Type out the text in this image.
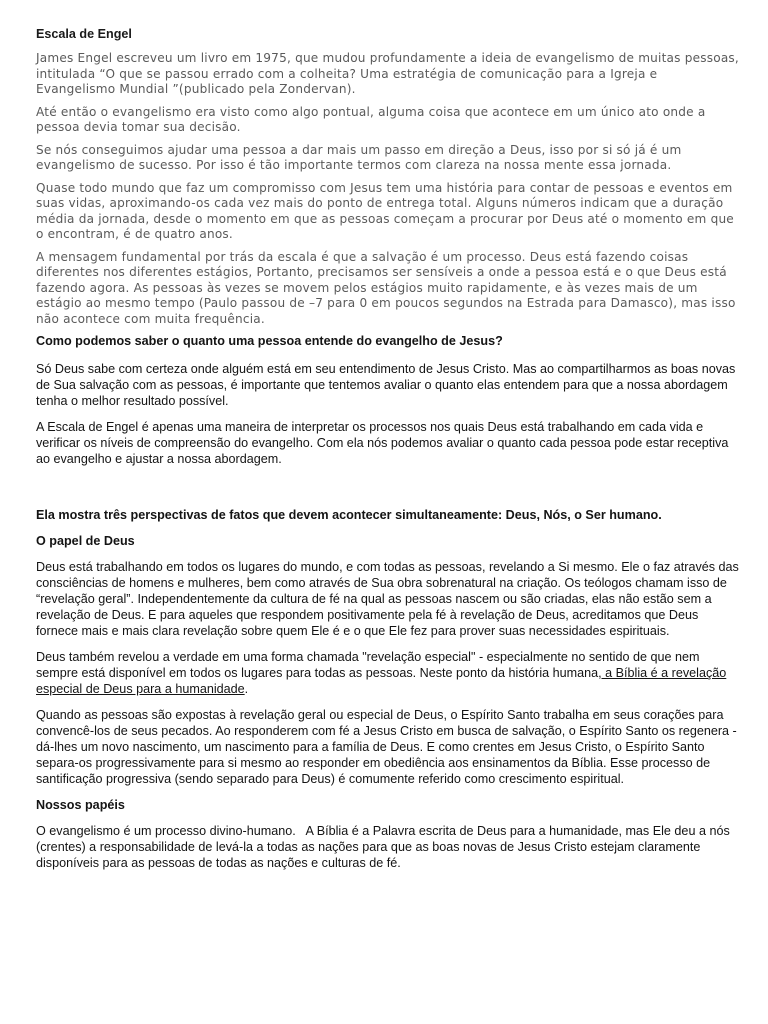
Escala de Engel

James Engel escreveu um livro em 1975, que mudou profundamente a ideia de evangelismo de muitas pessoas, intitulada “O que se passou errado com a colheita? Uma estratégia de comunicação para a Igreja e Evangelismo Mundial ”(publicado pela Zondervan).

Até então o evangelismo era visto como algo pontual, alguma coisa que acontece em um único ato onde a pessoa devia tomar sua decisão.

Se nós conseguimos ajudar uma pessoa a dar mais um passo em direção a Deus, isso por si só já é um evangelismo de sucesso. Por isso é tão importante termos com clareza na nossa mente essa jornada.

Quase todo mundo que faz um compromisso com Jesus tem uma história para contar de pessoas e eventos em suas vidas, aproximando-os cada vez mais do ponto de entrega total. Alguns números indicam que a duração média da jornada, desde o momento em que as pessoas começam a procurar por Deus até o momento em que o encontram, é de quatro anos.

A mensagem fundamental por trás da escala é que a salvação é um processo. Deus está fazendo coisas diferentes nos diferentes estágios, Portanto, precisamos ser sensíveis a onde a pessoa está e o que Deus está fazendo agora. As pessoas às vezes se movem pelos estágios muito rapidamente, e às vezes mais de um estágio ao mesmo tempo (Paulo passou de –7 para 0 em poucos segundos na Estrada para Damasco), mas isso não acontece com muita frequência.

Como podemos saber o quanto uma pessoa entende do evangelho de Jesus?

Só Deus sabe com certeza onde alguém está em seu entendimento de Jesus Cristo. Mas ao compartilharmos as boas novas de Sua salvação com as pessoas, é importante que tentemos avaliar o quanto elas entendem para que a nossa abordagem tenha o melhor resultado possível.

A Escala de Engel é apenas uma maneira de interpretar os processos nos quais Deus está trabalhando em cada vida e verificar os níveis de compreensão do evangelho. Com ela nós podemos avaliar o quanto cada pessoa pode estar receptiva ao evangelho e ajustar a nossa abordagem.

Ela mostra três perspectivas de fatos que devem acontecer simultaneamente: Deus, Nós, o Ser humano.
O papel de Deus

Deus está trabalhando em todos os lugares do mundo, e com todas as pessoas, revelando a Si mesmo. Ele o faz através das consciências de homens e mulheres, bem como através de Sua obra sobrenatural na criação. Os teólogos chamam isso de “revelação geral”. Independentemente da cultura de fé na qual as pessoas nascem ou são criadas, elas não estão sem a revelação de Deus. E para aqueles que respondem positivamente pela fé à revelação de Deus, acreditamos que Deus fornece mais e mais clara revelação sobre quem Ele é e o que Ele fez para prover suas necessidades espirituais.

Deus também revelou a verdade em uma forma chamada "revelação especial" - especialmente no sentido de que nem sempre está disponível em todos os lugares para todas as pessoas. Neste ponto da história humana, a Bíblia é a revelação especial de Deus para a humanidade.

Quando as pessoas são expostas à revelação geral ou especial de Deus, o Espírito Santo trabalha em seus corações para convencê-los de seus pecados. Ao responderem com fé a Jesus Cristo em busca de salvação, o Espírito Santo os regenera - dá-lhes um novo nascimento, um nascimento para a família de Deus. E como crentes em Jesus Cristo, o Espírito Santo separa-os progressivamente para si mesmo ao responder em obediência aos ensinamentos da Bíblia. Esse processo de santificação progressiva (sendo separado para Deus) é comumente referido como crescimento espiritual.

Nossos papéis

O evangelismo é um processo divino-humano.   A Bíblia é a Palavra escrita de Deus para a humanidade, mas Ele deu a nós (crentes) a responsabilidade de levá-la a todas as nações para que as boas novas de Jesus Cristo estejam claramente disponíveis para as pessoas de todas as nações e culturas de fé.
